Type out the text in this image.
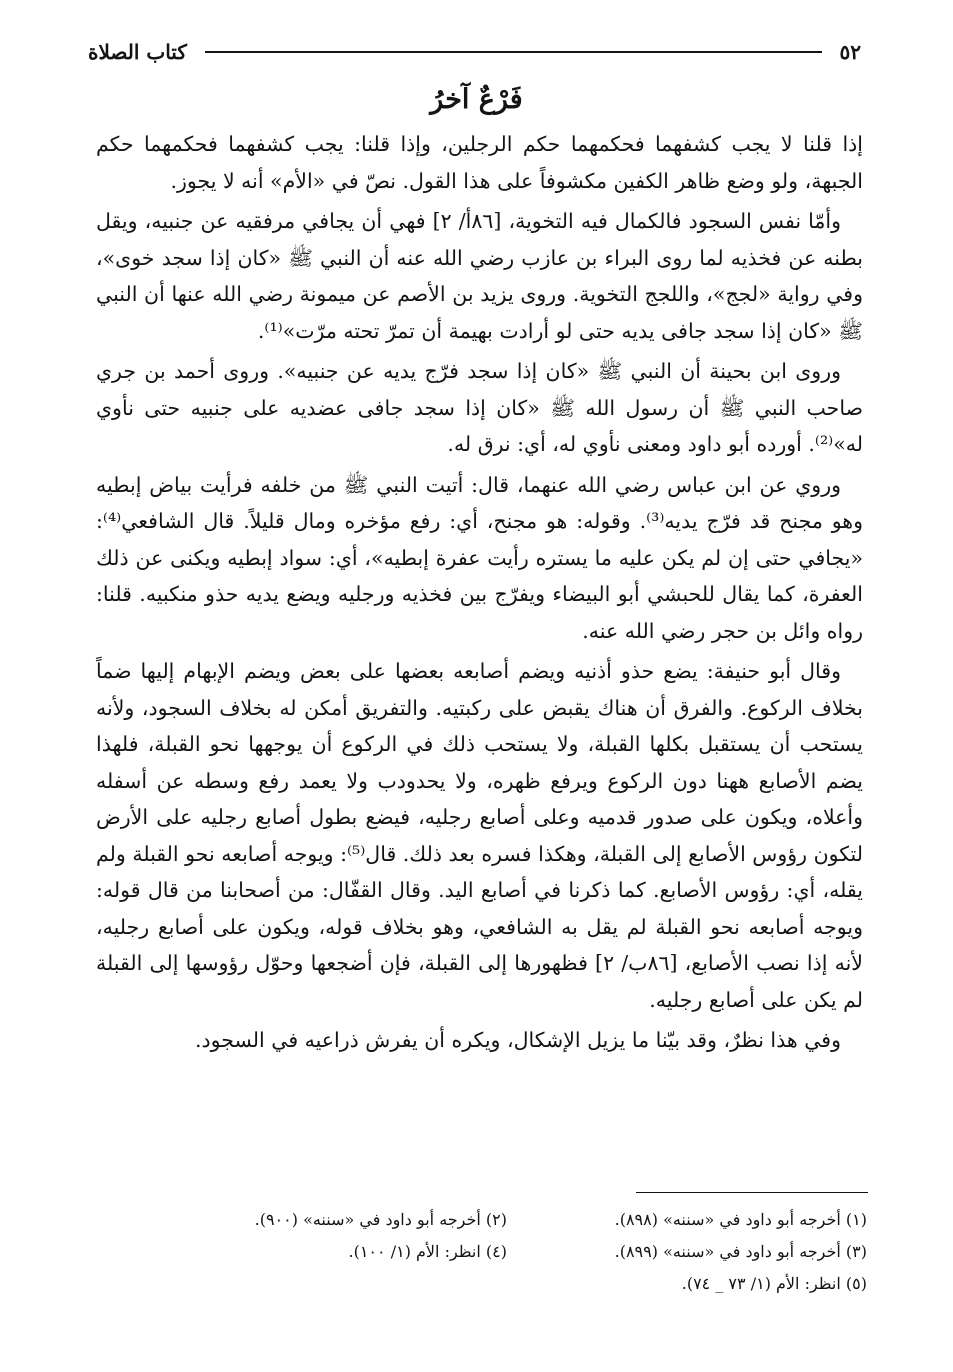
٥٢
كتاب الصلاة
فَرْعٌ آخرُ

إذا قلنا لا يجب كشفهما فحكمهما حكم الرجلين، وإذا قلنا: يجب كشفهما فحكمهما حكم الجبهة، ولو وضع ظاهر الكفين مكشوفاً على هذا القول. نصّ في «الأم» أنه لا يجوز.

وأمّا نفس السجود فالكمال فيه التخوية، [٨٦أ/ ٢] فهي أن يجافي مرفقيه عن جنبيه، ويقل بطنه عن فخذيه لما روى البراء بن عازب رضي الله عنه أن النبي ﷺ «كان إذا سجد خوى»، وفي رواية «لجج»، واللجج التخوية. وروى يزيد بن الأصم عن ميمونة رضي الله عنها أن النبي ﷺ «كان إذا سجد جافى يديه حتى لو أرادت بهيمة أن تمرّ تحته مرّت»⁽¹⁾.

وروى ابن بحينة أن النبي ﷺ «كان إذا سجد فرّج يديه عن جنبيه». وروى أحمد بن جري صاحب النبي ﷺ أن رسول الله ﷺ «كان إذا سجد جافى عضديه على جنبيه حتى نأوي له»⁽²⁾. أورده أبو داود ومعنى نأوي له، أي: نرق له.

وروي عن ابن عباس رضي الله عنهما، قال: أتيت النبي ﷺ من خلفه فرأيت بياض إبطيه وهو مجنح قد فرّج يديه⁽³⁾. وقوله: هو مجنح، أي: رفع مؤخره ومال قليلاً. قال الشافعي⁽⁴⁾: «يجافي حتى إن لم يكن عليه ما يستره رأيت عفرة إبطيه»، أي: سواد إبطيه ويكنى عن ذلك العفرة، كما يقال للحبشي أبو البيضاء ويفرّج بين فخذيه ورجليه ويضع يديه حذو منكبيه. قلنا: رواه وائل بن حجر رضي الله عنه.

وقال أبو حنيفة: يضع حذو أذنيه ويضم أصابعه بعضها على بعض ويضم الإبهام إليها ضماً بخلاف الركوع. والفرق أن هناك يقبض على ركبتيه. والتفريق أمكن له بخلاف السجود، ولأنه يستحب أن يستقبل بكلها القبلة، ولا يستحب ذلك في الركوع أن يوجهها نحو القبلة، فلهذا يضم الأصابع ههنا دون الركوع ويرفع ظهره، ولا يحدودب ولا يعمد رفع وسطه عن أسفله وأعلاه، ويكون على صدور قدميه وعلى أصابع رجليه، فيضع بطول أصابع رجليه على الأرض لتكون رؤوس الأصابع إلى القبلة، وهكذا فسره بعد ذلك. قال⁽⁵⁾: ويوجه أصابعه نحو القبلة ولم يقله، أي: رؤوس الأصابع. كما ذكرنا في أصابع اليد. وقال القفّال: من أصحابنا من قال قوله: ويوجه أصابعه نحو القبلة لم يقل به الشافعي، وهو بخلاف قوله، ويكون على أصابع رجليه، لأنه إذا نصب الأصابع، [٨٦ب/ ٢] فظهورها إلى القبلة، فإن أضجعها وحوّل رؤوسها إلى القبلة لم يكن على أصابع رجليه.

وفي هذا نظرٌ، وقد بيّنا ما يزيل الإشكال، ويكره أن يفرش ذراعيه في السجود.

(١) أخرجه أبو داود في «سننه» (٨٩٨).
(٢) أخرجه أبو داود في «سننه» (٩٠٠).
(٣) أخرجه أبو داود في «سننه» (٨٩٩).
(٤) انظر: الأم (١/ ١٠٠).
(٥) انظر: الأم (١/ ٧٣ _ ٧٤).
